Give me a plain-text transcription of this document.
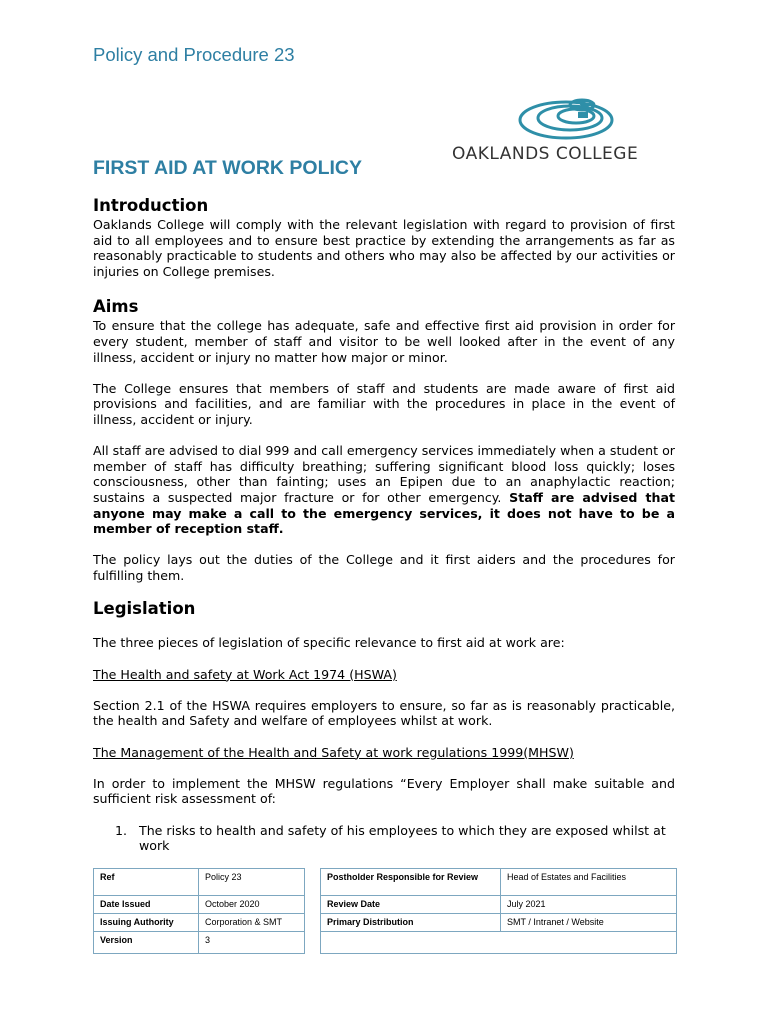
Policy and Procedure 23
OAKLANDS COLLEGE
FIRST AID AT WORK POLICY
Introduction

Oaklands College will comply with the relevant legislation with regard to provision of first aid to all employees and to ensure best practice by extending the arrangements as far as reasonably practicable to students and others who may also be affected by our activities or injuries on College premises.

Aims

To ensure that the college has adequate, safe and effective first aid provision in order for every student, member of staff and visitor to be well looked after in the event of any illness, accident or injury no matter how major or minor.

The College ensures that members of staff and students are made aware of first aid provisions and facilities, and are familiar with the procedures in place in the event of illness, accident or injury.

All staff are advised to dial 999 and call emergency services immediately when a student or member of staff has difficulty breathing; suffering significant blood loss quickly; loses consciousness, other than fainting; uses an Epipen due to an anaphylactic reaction; sustains a suspected major fracture or for other emergency. Staff are advised that anyone may make a call to the emergency services, it does not have to be a member of reception staff.

The policy lays out the duties of the College and it first aiders and the procedures for fulfilling them.

Legislation

The three pieces of legislation of specific relevance to first aid at work are:

The Health and safety at Work Act 1974 (HSWA)

Section 2.1 of the HSWA requires employers to ensure, so far as is reasonably practicable, the health and Safety and welfare of employees whilst at work.

The Management of the Health and Safety at work regulations 1999(MHSW)

In order to implement the MHSW regulations “Every Employer shall make suitable and sufficient risk assessment of:

1. The risks to health and safety of his employees to which they are exposed whilst at work
Ref	Policy 23
Date Issued	October 2020
Issuing Authority	Corporation & SMT
Version	3
Postholder Responsible for Review	Head of Estates and Facilities
Review Date	July 2021
Primary Distribution	SMT / Intranet / Website
